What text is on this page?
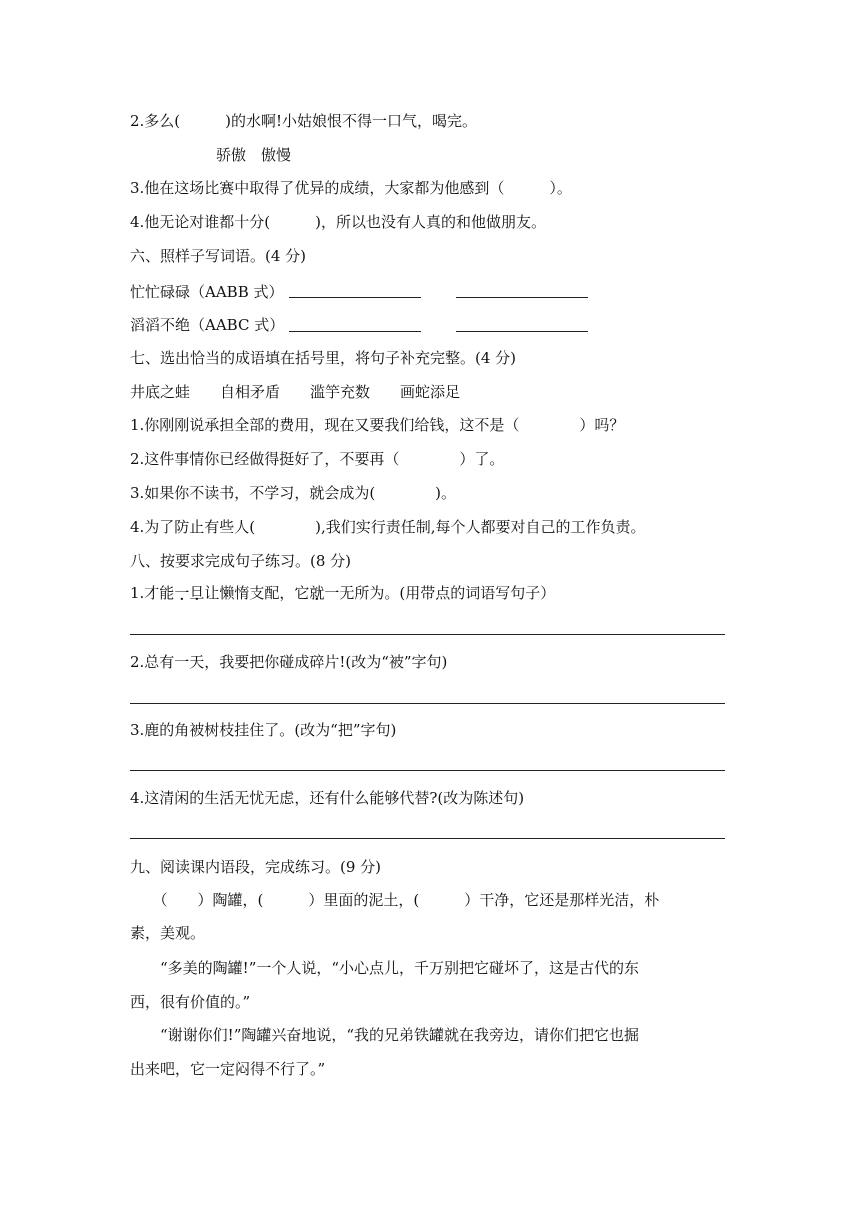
2.多么(　　　)的水啊!小姑娘恨不得一口气，喝完。
骄傲　傲慢
3.他在这场比赛中取得了优异的成绩，大家都为他感到（　　　）。
4.他无论对谁都十分(　　　)，所以也没有人真的和他做朋友。
六、照样子写词语。(4 分)
忙忙碌碌（AABB 式）
滔滔不绝（AABC 式）
七、选出恰当的成语填在括号里，将句子补充完整。(4 分)
井底之蛙　　自相矛盾　　滥竽充数　　画蛇添足
1.你刚刚说承担全部的费用，现在又要我们给钱，这不是（　　　　）吗？
2.这件事情你已经做得挺好了，不要再（　　　　）了。
3.如果你不读书，不学习，就会成为(　　　　)。
4.为了防止有些人(　　　　),我们实行责任制,每个人都要对自己的工作负责。
八、按要求完成句子练习。(8 分)
1.才能一旦让懒惰支配，它就一无所为。(用带点的词语写句子）
2.总有一天，我要把你碰成碎片!(改为“被”字句)
3.鹿的角被树枝挂住了。(改为“把”字句)
4.这清闲的生活无忧无虑，还有什么能够代替?(改为陈述句)
九、阅读课内语段，完成练习。(9 分)
　　（　　）陶罐，(　　　）里面的泥土，(　　　）干净，它还是那样光洁，朴
素，美观。
　　“多美的陶罐!”一个人说，“小心点儿，千万别把它碰坏了，这是古代的东
西，很有价值的。”
　　“谢谢你们!”陶罐兴奋地说，“我的兄弟铁罐就在我旁边，请你们把它也掘
出来吧，它一定闷得不行了。”
